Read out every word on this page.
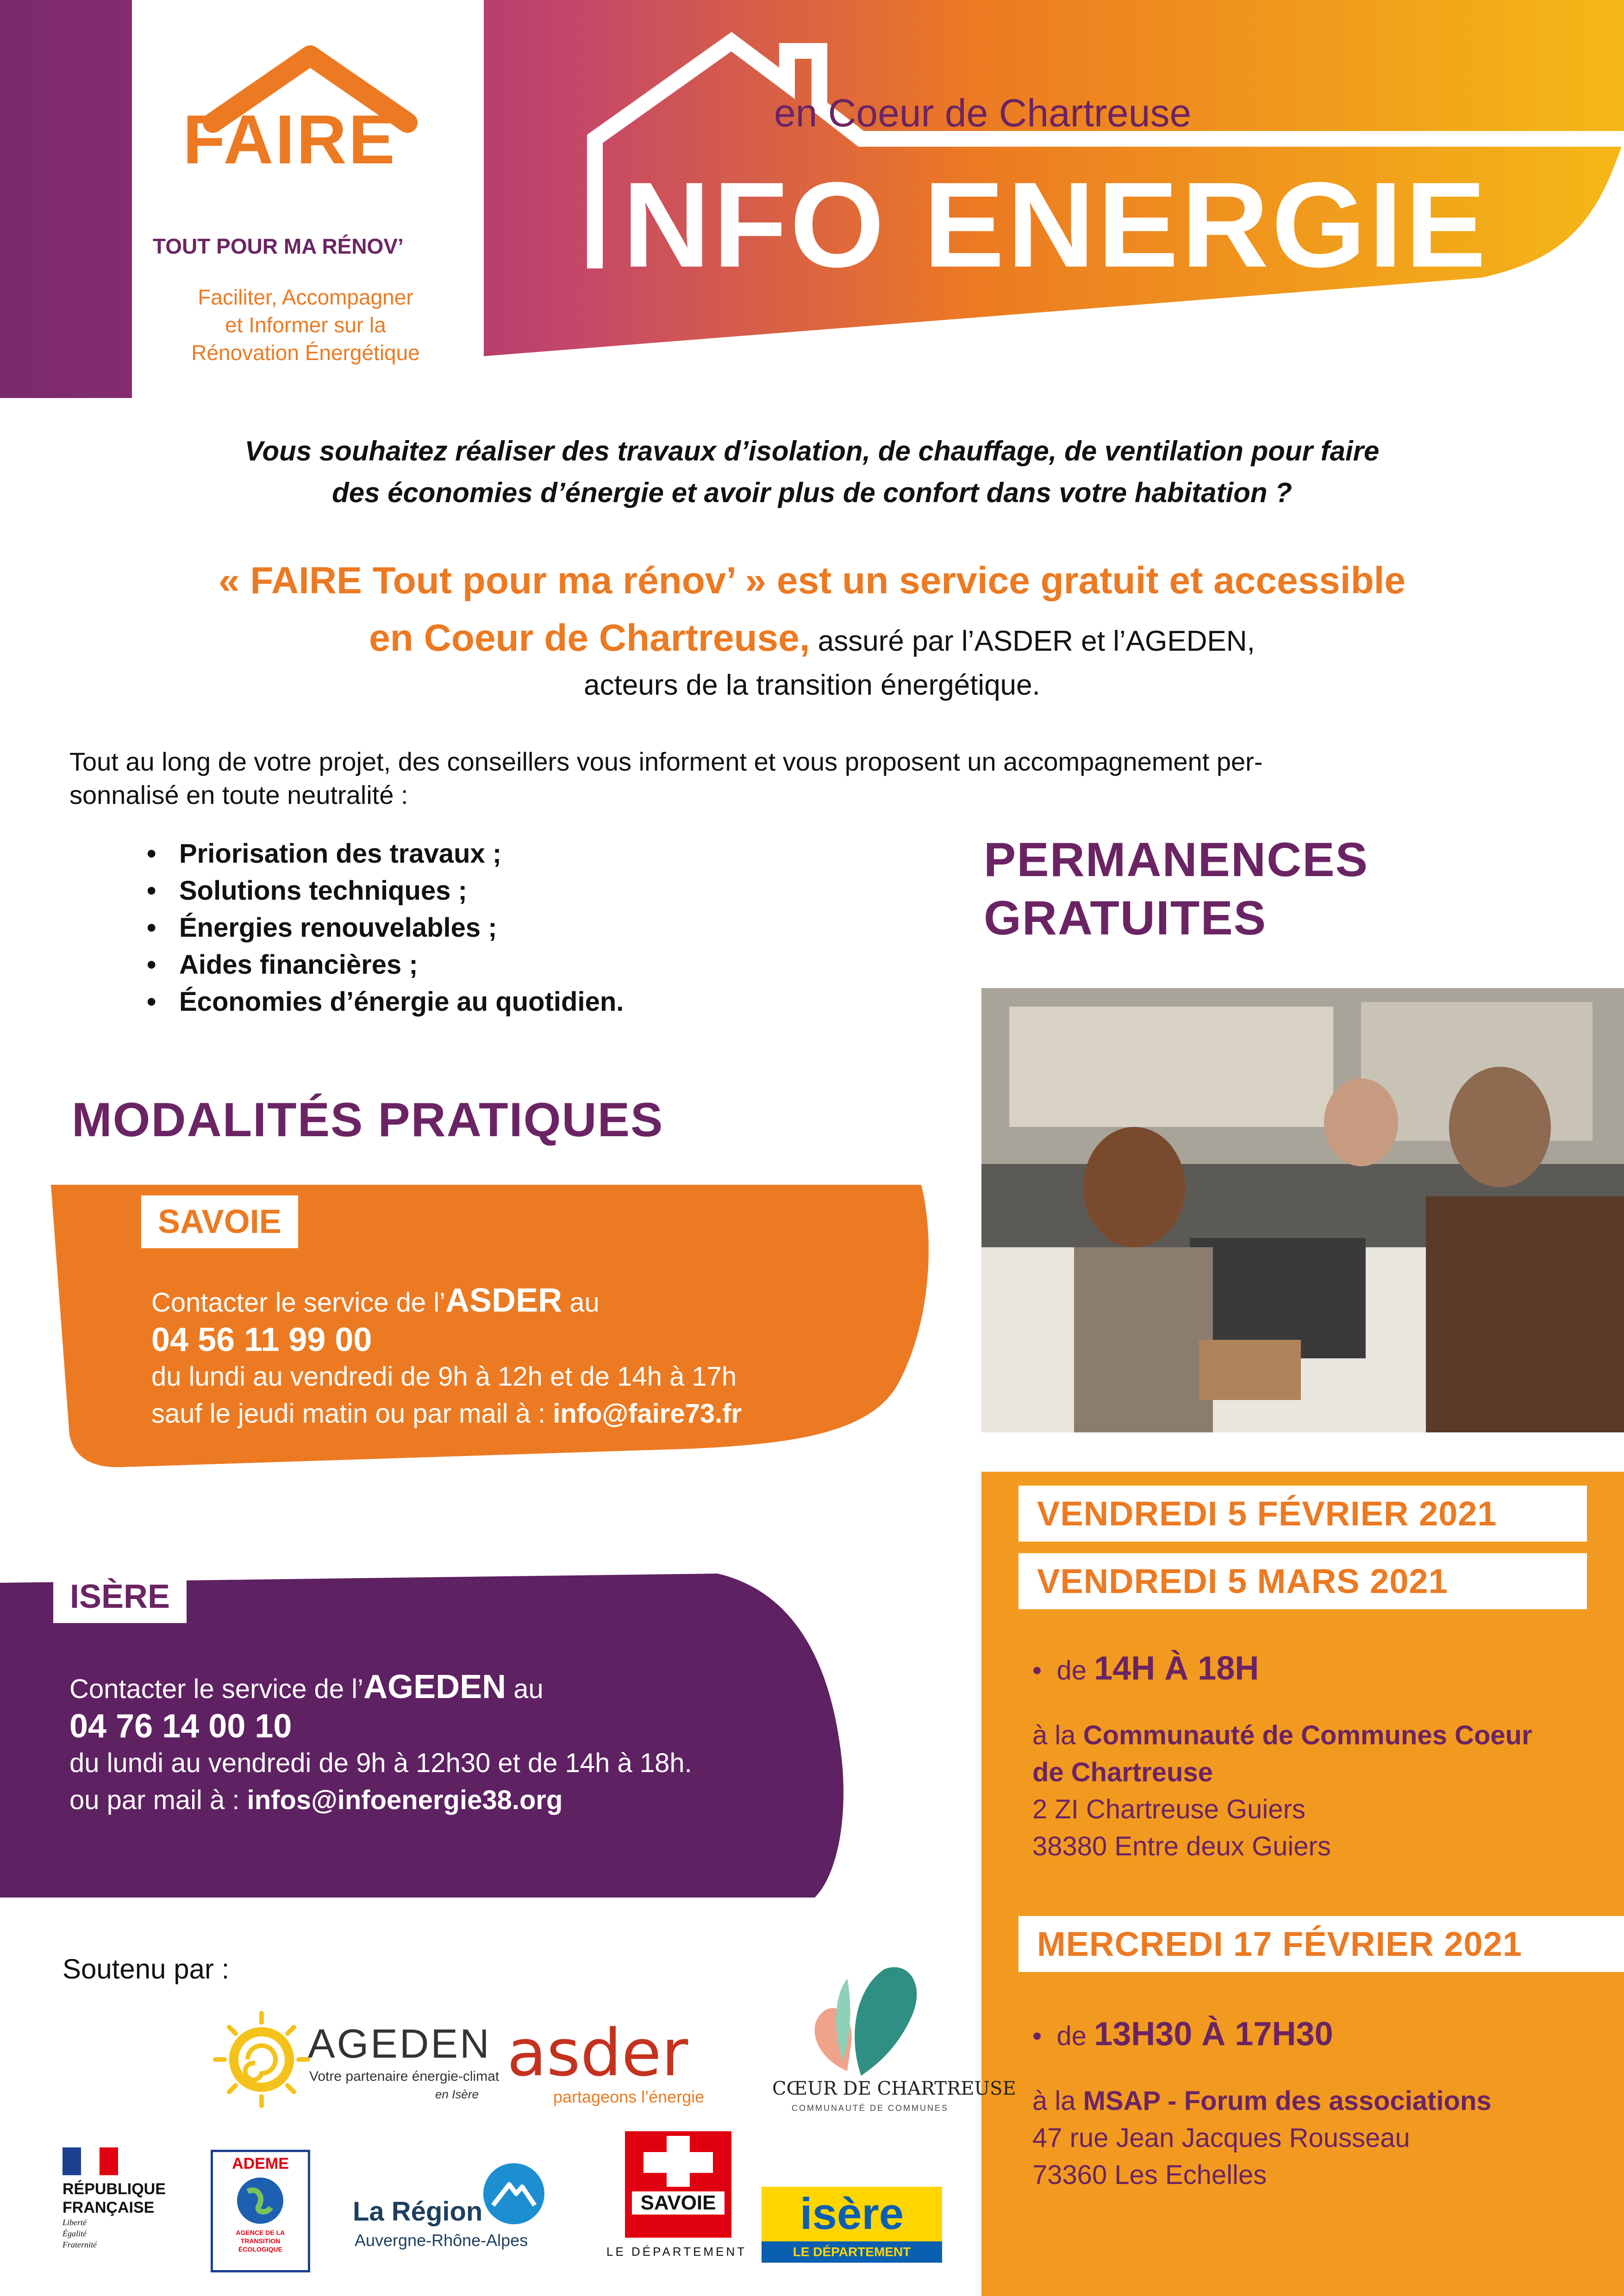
FAIRE
TOUT POUR MA RÉNOV’
Faciliter, Accompagner
et Informer sur la
Rénovation Énergétique
en Coeur de Chartreuse
NFO ENERGIE
Vous souhaitez réaliser des travaux d’isolation, de chauffage, de ventilation pour faire
des économies d’énergie et avoir plus de confort dans votre habitation ?
« FAIRE Tout pour ma rénov’ » est un service gratuit et accessible
en Coeur de Chartreuse, assuré par l’ASDER et l’AGEDEN,
acteurs de la transition énergétique.
Tout au long de votre projet, des conseillers vous informent et vous proposent un accompagnement per-
sonnalisé en toute neutralité :
• Priorisation des travaux ;
• Solutions techniques ;
• Énergies renouvelables ;
• Aides financières ;
• Économies d’énergie au quotidien.
MODALITÉS PRATIQUES
SAVOIE
Contacter le service de l’ASDER au
04 56 11 99 00
du lundi au vendredi de 9h à 12h et de 14h à 17h
sauf le jeudi matin ou par mail à : info@faire73.fr
ISÈRE
Contacter le service de l’AGEDEN au
04 76 14 00 10
du lundi au vendredi de 9h à 12h30 et de 14h à 18h.
ou par mail à : infos@infoenergie38.org
PERMANENCES
GRATUITES
VENDREDI 5 FÉVRIER 2021
VENDREDI 5 MARS 2021
•  de 14H À 18H
à la Communauté de Communes Coeur
de Chartreuse
2 ZI Chartreuse Guiers
38380 Entre deux Guiers
MERCREDI 17 FÉVRIER 2021
•  de 13H30 À 17H30
à la MSAP - Forum des associations
47 rue Jean Jacques Rousseau
73360 Les Echelles
Soutenu par :
AGEDEN
Votre partenaire énergie-climat
en Isère
asder
partageons l’énergie	CŒUR DE CHARTREUSE
COMMUNAUTÉ DE COMMUNES
RÉPUBLIQUE
FRANÇAISE
Liberté
Égalité
Fraternité
ADEME
AGENCE DE LA TRANSITION ÉCOLOGIQUE
La Région
Auvergne-Rhône-Alpes
SAVOIE
LE DÉPARTEMENT
isère
LE DÉPARTEMENT
